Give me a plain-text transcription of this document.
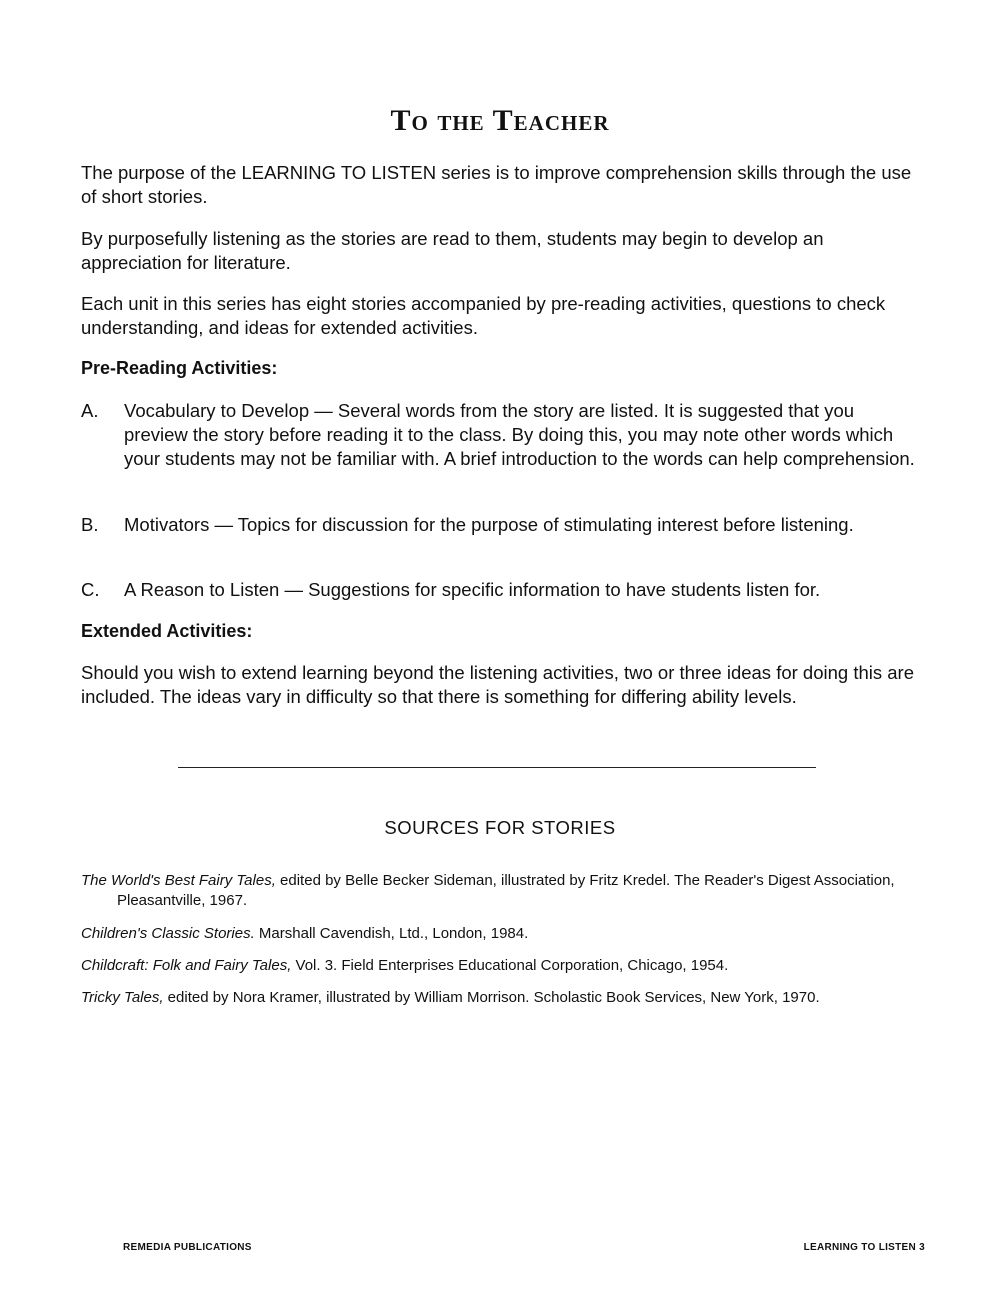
To the Teacher

The purpose of the LEARNING TO LISTEN series is to improve comprehension skills through the use of short stories.

By purposefully listening as the stories are read to them, students may begin to develop an appreciation for literature.

Each unit in this series has eight stories accompanied by pre-reading activities, questions to check understanding, and ideas for extended activities.

Pre-Reading Activities:
A.	Vocabulary to Develop — Several words from the story are listed. It is suggested that you preview the story before reading it to the class. By doing this, you may note other words which your students may not be familiar with. A brief introduction to the words can help comprehension.
B.	Motivators — Topics for discussion for the purpose of stimulating interest before listening.
C.	A Reason to Listen — Suggestions for specific information to have students listen for.
Extended Activities:

Should you wish to extend learning beyond the listening activities, two or three ideas for doing this are included. The ideas vary in difficulty so that there is something for differing ability levels.

SOURCES FOR STORIES
The World's Best Fairy Tales, edited by Belle Becker Sideman, illustrated by Fritz Kredel. The Reader's Digest Association, Pleasantville, 1967.
Children's Classic Stories. Marshall Cavendish, Ltd., London, 1984.
Childcraft: Folk and Fairy Tales, Vol. 3. Field Enterprises Educational Corporation, Chicago, 1954.
Tricky Tales, edited by Nora Kramer, illustrated by William Morrison. Scholastic Book Services, New York, 1970.
REMEDIA PUBLICATIONS	LEARNING TO LISTEN 3
